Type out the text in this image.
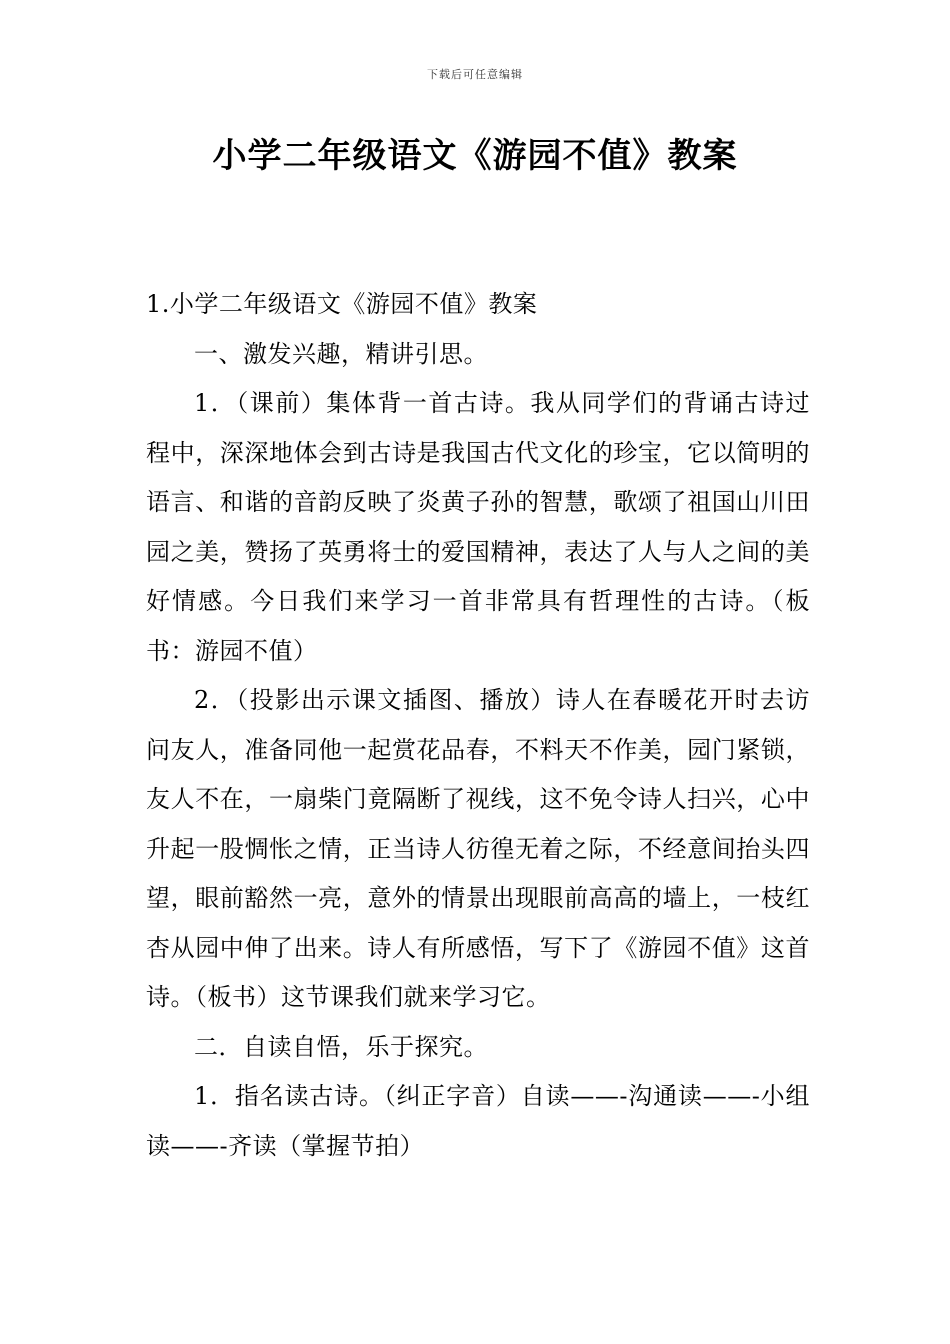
下载后可任意编辑
小学二年级语文《游园不值》教案

1.小学二年级语文《游园不值》教案

一、激发兴趣，精讲引思。

1．（课前）集体背一首古诗。我从同学们的背诵古诗过程中，深深地体会到古诗是我国古代文化的珍宝，它以简明的语言、和谐的音韵反映了炎黄子孙的智慧，歌颂了祖国山川田园之美，赞扬了英勇将士的爱国精神，表达了人与人之间的美好情感。今日我们来学习一首非常具有哲理性的古诗。（板书：游园不值）

2．（投影出示课文插图、播放）诗人在春暖花开时去访问友人，准备同他一起赏花品春，不料天不作美，园门紧锁，友人不在，一扇柴门竟隔断了视线，这不免令诗人扫兴，心中升起一股惆怅之情，正当诗人彷徨无着之际，不经意间抬头四望，眼前豁然一亮，意外的情景出现眼前高高的墙上，一枝红杏从园中伸了出来。诗人有所感悟，写下了《游园不值》这首诗。（板书）这节课我们就来学习它。

二．自读自悟，乐于探究。

1．指名读古诗。（纠正字音）自读——-沟通读——-小组读——-齐读（掌握节拍）
